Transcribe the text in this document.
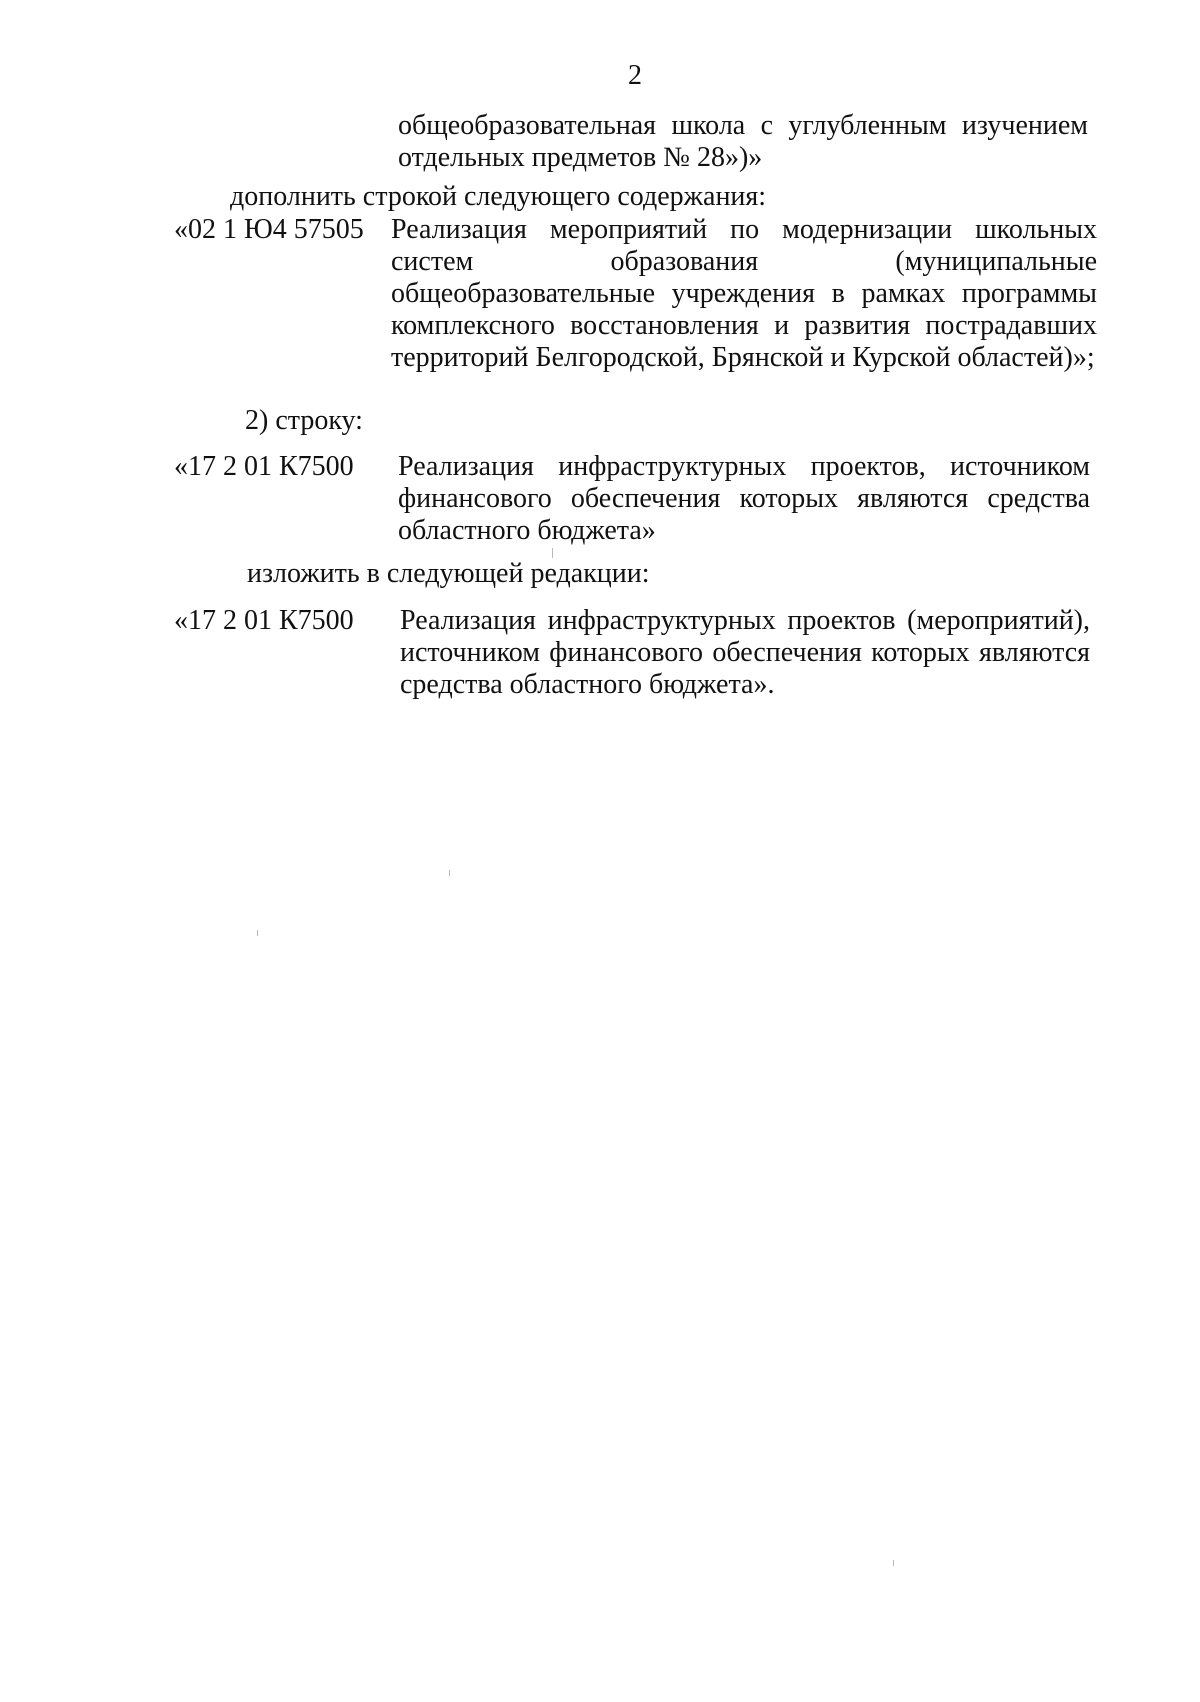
2
общеобразовательная школа с углубленным изучением отдельных предметов № 28»)»
дополнить строкой следующего содержания:
«02 1 Ю4 57505 Реализация мероприятий по модернизации школьных систем образования (муниципальные общеобразовательные учреждения в рамках программы комплексного восстановления и развития пострадавших территорий Белгородской, Брянской и Курской областей)»;
2) строку:
«17 2 01 К7500 Реализация инфраструктурных проектов, источником финансового обеспечения которых являются средства областного бюджета»
изложить в следующей редакции:
«17 2 01 К7500 Реализация инфраструктурных проектов (мероприятий), источником финансового обеспечения которых являются средства областного бюджета».
